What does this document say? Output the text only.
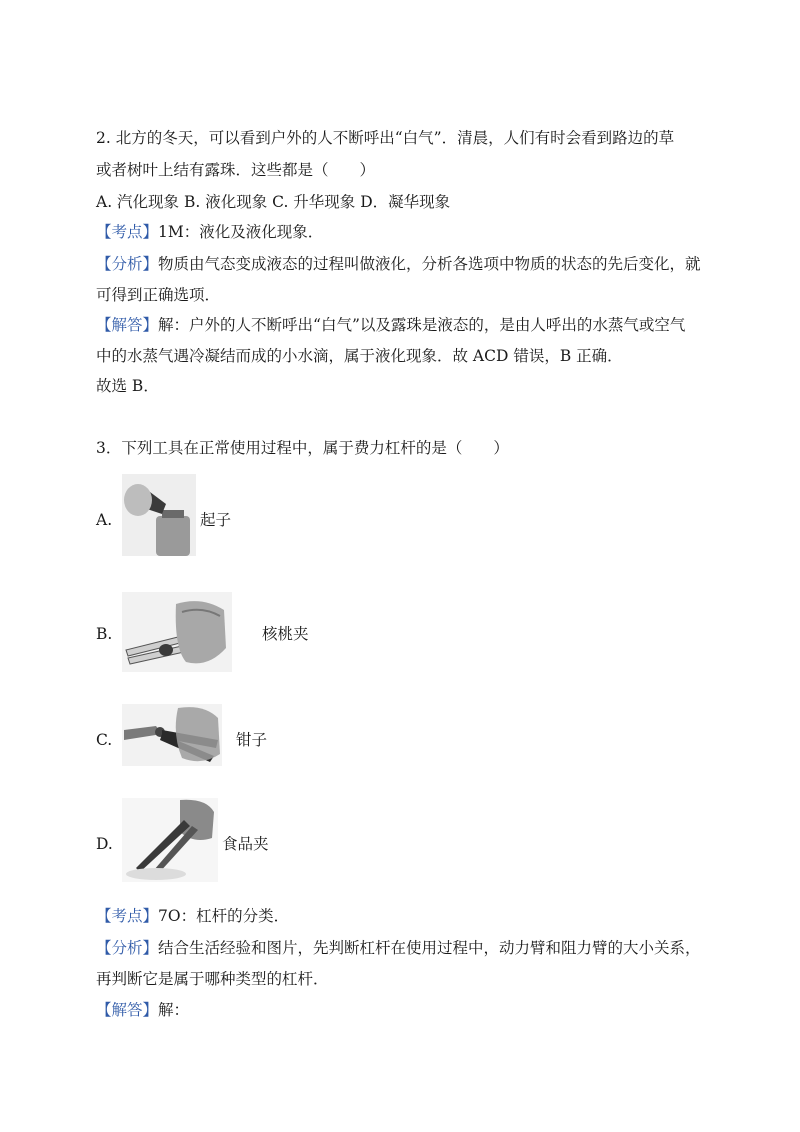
2. 北方的冬天，可以看到户外的人不断呼出“白气”．清晨，人们有时会看到路边的草
或者树叶上结有露珠．这些都是（　　）
A. 汽化现象 B. 液化现象 C. 升华现象 D．凝华现象
【考点】1M：液化及液化现象．
【分析】物质由气态变成液态的过程叫做液化，分析各选项中物质的状态的先后变化，就
可得到正确选项．
【解答】解：户外的人不断呼出“白气”以及露珠是液态的，是由人呼出的水蒸气或空气
中的水蒸气遇冷凝结而成的小水滴，属于液化现象．故 ACD 错误，B 正确．
故选 B．
3．下列工具在正常使用过程中，属于费力杠杆的是（　　）
A.	起子
B.	核桃夹
C.	钳子
D.	食品夹
【考点】7O：杠杆的分类．
【分析】结合生活经验和图片，先判断杠杆在使用过程中，动力臂和阻力臂的大小关系，
再判断它是属于哪种类型的杠杆．
【解答】解：
